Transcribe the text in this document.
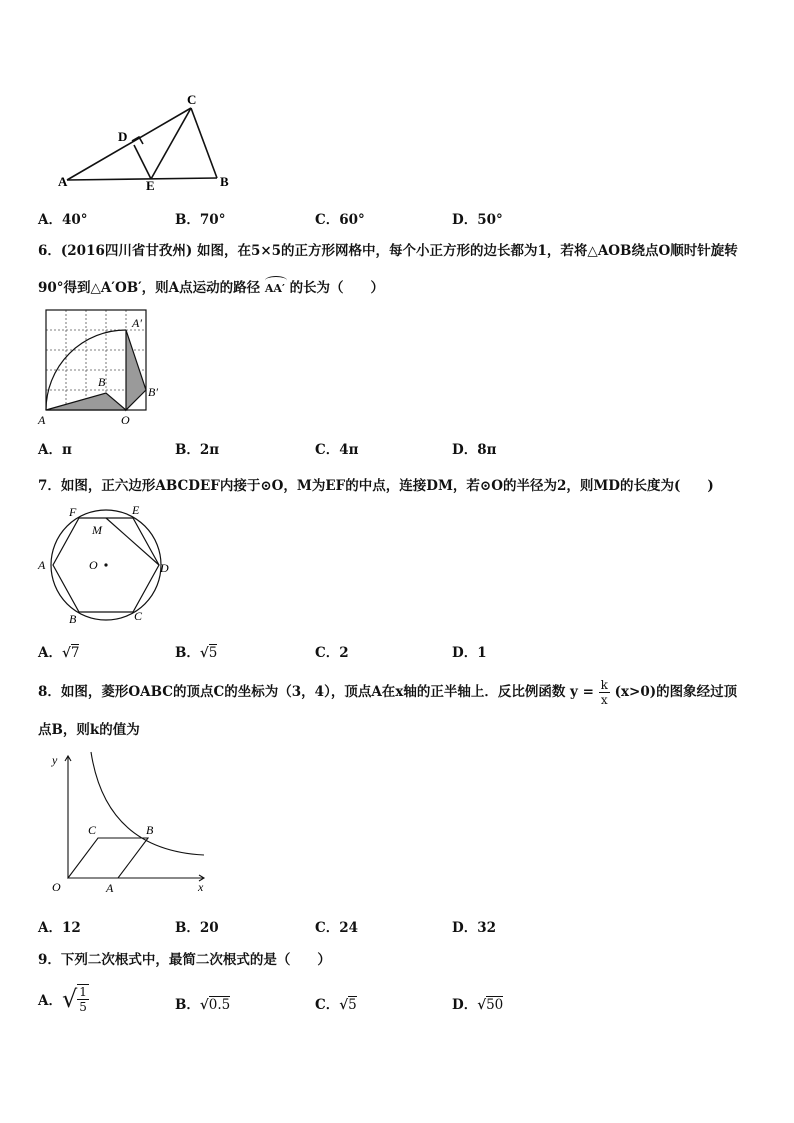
C
D
A	E	B
A．40°	B．70°	C．60°	D．50°
6．(2016四川省甘孜州) 如图，在5×5的正方形网格中，每个小正方形的边长都为1，若将△AOB绕点O顺时针旋转
90°得到△A′OB′，则A点运动的路径 AA′ 的长为（　　）
A′
B
B′
A	O
A．π	B．2π	C．4π	D．8π
7．如图，正六边形ABCDEF内接于⊙O，M为EF的中点，连接DM，若⊙O的半径为2，则MD的长度为(　　)
F	E
M
A	O	D
B	C
A．√7	B．√5	C．2	D．1
8．如图，菱形OABC的顶点C的坐标为（3，4），顶点A在x轴的正半轴上．反比例函数 $y = \frac{k}{x} (x>0)$的图象经过顶
点B，则k的值为
y
C	B
O	A	x
A．12	B．20	C．24	D．32
9．下列二次根式中，最简二次根式的是（　　）
A．√ $\frac{1}{5}$	B．√0.5	C．√5	D．√50
